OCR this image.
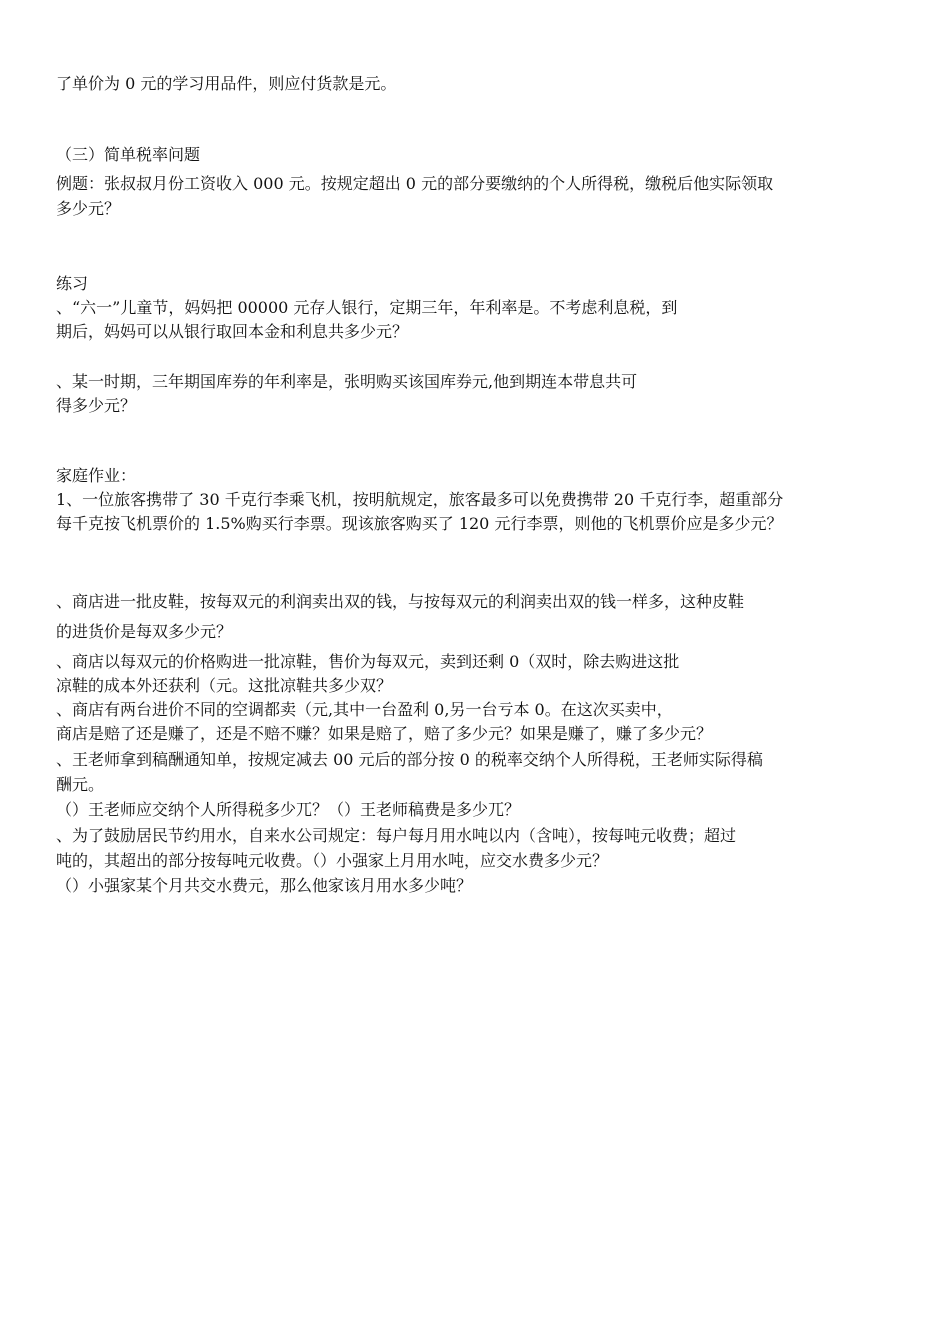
了单价为 0 元的学习用品件，则应付货款是元。
（三）简单税率问题
例题：张叔叔月份工资收入 000 元。按规定超出 0 元的部分要缴纳的个人所得税，缴税后他实际领取
多少元？
练习
、“六一”儿童节，妈妈把 00000 元存人银行，定期三年，年利率是。不考虑利息税，到
期后，妈妈可以从银行取回本金和利息共多少元？
、某一时期，三年期国库券的年利率是，张明购买该国库券元,他到期连本带息共可
得多少元？
家庭作业：
1、一位旅客携带了 30 千克行李乘飞机，按明航规定，旅客最多可以免费携带 20 千克行李，超重部分
每千克按飞机票价的 1.5%购买行李票。现该旅客购买了 120 元行李票，则他的飞机票价应是多少元？
、商店进一批皮鞋，按每双元的利润卖出双的钱，与按每双元的利润卖出双的钱一样多，这种皮鞋
的进货价是每双多少元？
、商店以每双元的价格购进一批凉鞋，售价为每双元，卖到还剩 0（双时，除去购进这批
凉鞋的成本外还获利（元。这批凉鞋共多少双？
、商店有两台进价不同的空调都卖（元,其中一台盈利 0,另一台亏本 0。在这次买卖中，
商店是赔了还是赚了，还是不赔不赚？如果是赔了，赔了多少元？如果是赚了，赚了多少元？
、王老师拿到稿酬通知单，按规定减去 00 元后的部分按 0 的税率交纳个人所得税，王老师实际得稿
酬元。
（）王老师应交纳个人所得税多少兀？（）王老师稿费是多少兀？
、为了鼓励居民节约用水，自来水公司规定：每户每月用水吨以内（含吨），按每吨元收费；超过
吨的，其超出的部分按每吨元收费。（）小强家上月用水吨，应交水费多少元？
（）小强家某个月共交水费元，那么他家该月用水多少吨？
